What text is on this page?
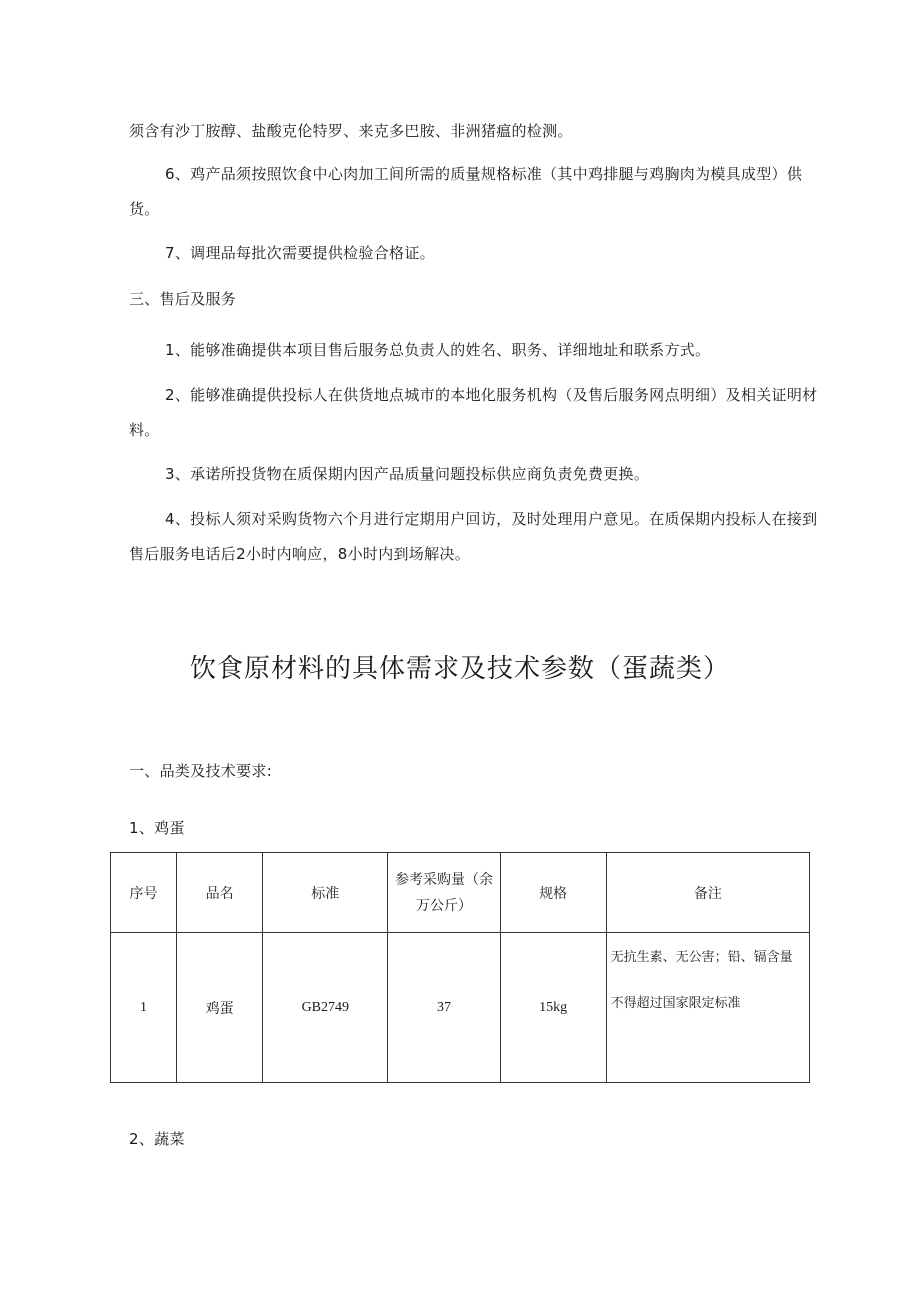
须含有沙丁胺醇、盐酸克伦特罗、来克多巴胺、非洲猪瘟的检测。

6、鸡产品须按照饮食中心肉加工间所需的质量规格标准（其中鸡排腿与鸡胸肉为模具成型）供货。

7、调理品每批次需要提供检验合格证。

三、售后及服务

1、能够准确提供本项目售后服务总负责人的姓名、职务、详细地址和联系方式。

2、能够准确提供投标人在供货地点城市的本地化服务机构（及售后服务网点明细）及相关证明材料。

3、承诺所投货物在质保期内因产品质量问题投标供应商负责免费更换。

4、投标人须对采购货物六个月进行定期用户回访，及时处理用户意见。在质保期内投标人在接到售后服务电话后2小时内响应，8小时内到场解决。

饮食原材料的具体需求及技术参数（蛋蔬类）

一、品类及技术要求:

1、鸡蛋

序号	品名	标准	参考采购量（余万公斤）	规格	备注
1	鸡蛋	GB2749	37	15kg	无抗生素、无公害；铅、镉含量不得超过国家限定标准

2、蔬菜
